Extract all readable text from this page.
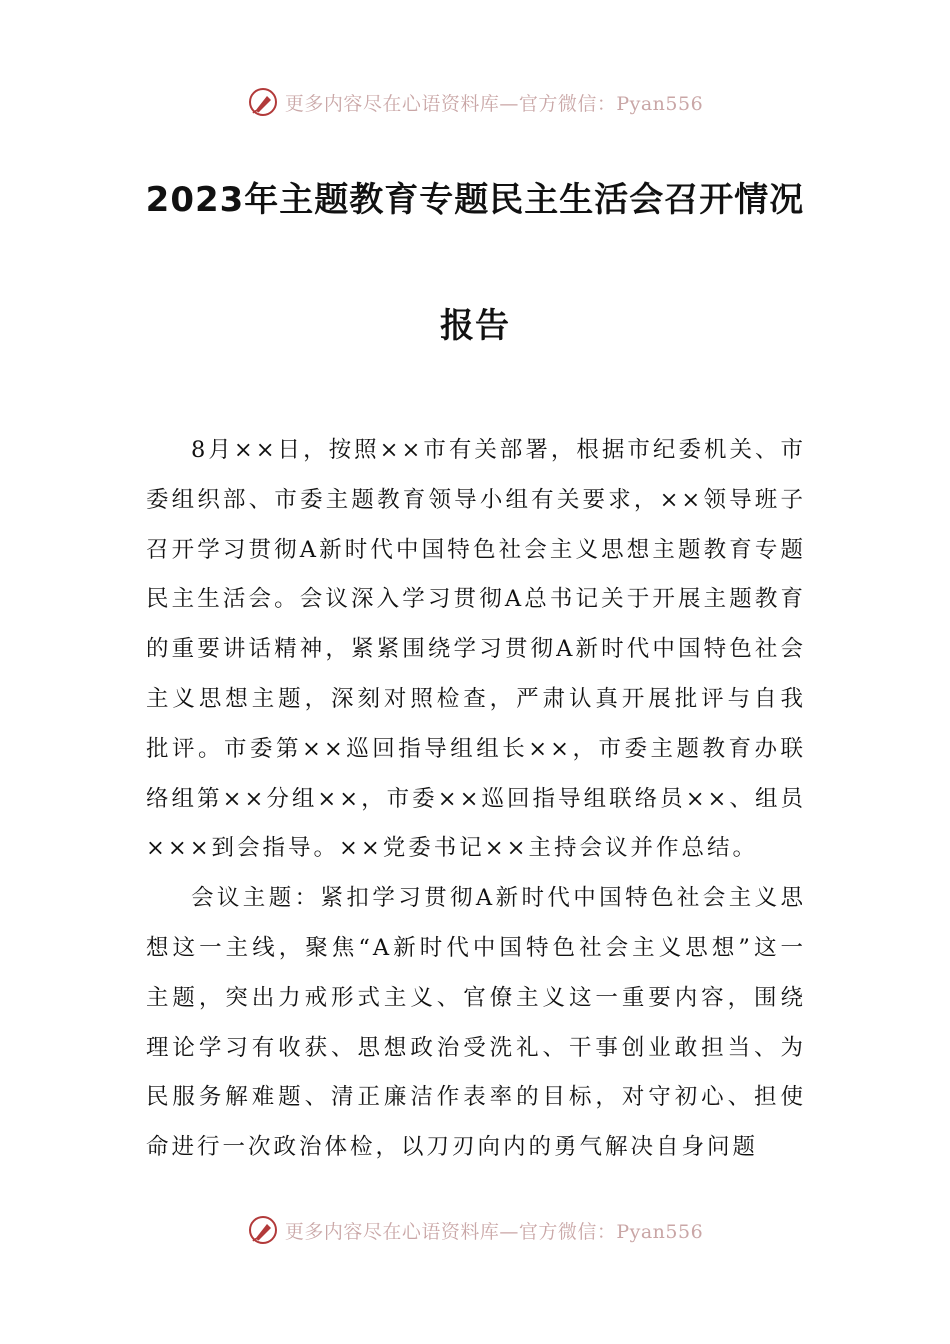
更多内容尽在心语资料库—官方微信：Pyan556
2023年主题教育专题民主生活会召开情况
报告

8月××日，按照××市有关部署，根据市纪委机关、市委组织部、市委主题教育领导小组有关要求，××领导班子召开学习贯彻A新时代中国特色社会主义思想主题教育专题民主生活会。会议深入学习贯彻A总书记关于开展主题教育的重要讲话精神，紧紧围绕学习贯彻A新时代中国特色社会主义思想主题，深刻对照检查，严肃认真开展批评与自我批评。市委第××巡回指导组组长××，市委主题教育办联络组第××分组××，市委××巡回指导组联络员××、组员×××到会指导。××党委书记××主持会议并作总结。

会议主题：紧扣学习贯彻A新时代中国特色社会主义思想这一主线，聚焦“A新时代中国特色社会主义思想”这一主题，突出力戒形式主义、官僚主义这一重要内容，围绕理论学习有收获、思想政治受洗礼、干事创业敢担当、为民服务解难题、清正廉洁作表率的目标，对守初心、担使命进行一次政治体检，以刀刃向内的勇气解决自身问题

更多内容尽在心语资料库—官方微信：Pyan556
